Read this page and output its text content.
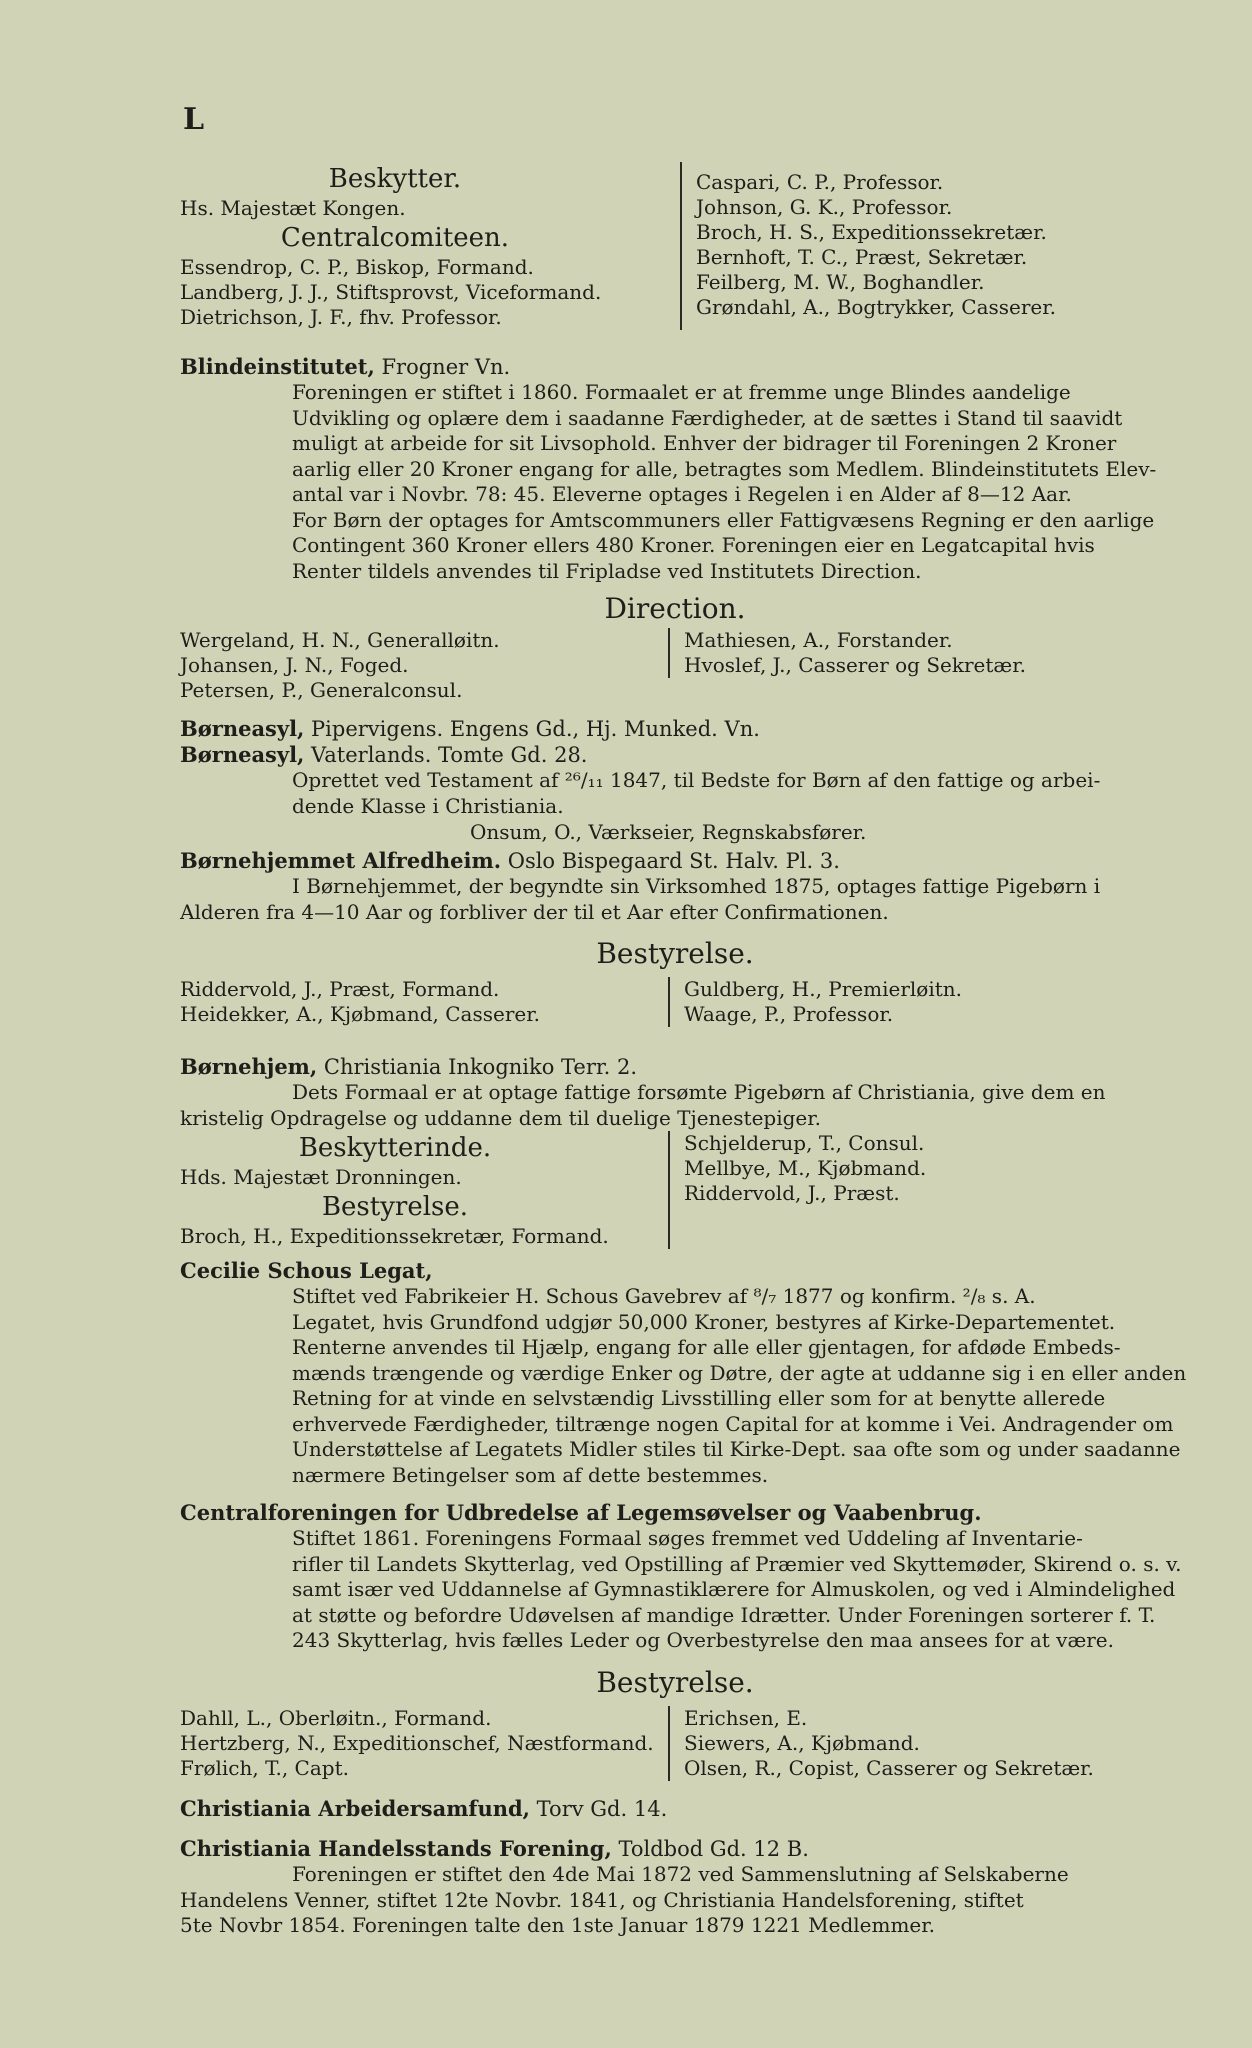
L
Beskytter.
Hs. Majestæt Kongen.
Centralcomiteen.
Essendrop, C. P., Biskop, Formand.
Landberg, J. J., Stiftsprovst, Viceformand.
Dietrichson, J. F., fhv. Professor.
Caspari, C. P., Professor.
Johnson, G. K., Professor.
Broch, H. S., Expeditionssekretær.
Bernhoft, T. C., Præst, Sekretær.
Feilberg, M. W., Boghandler.
Grøndahl, A., Bogtrykker, Casserer.
Blindeinstitutet, Frogner Vn.
Foreningen er stiftet i 1860. Formaalet er at fremme unge Blindes aandelige
Udvikling og oplære dem i saadanne Færdigheder, at de sættes i Stand til saavidt
muligt at arbeide for sit Livsophold. Enhver der bidrager til Foreningen 2 Kroner
aarlig eller 20 Kroner engang for alle, betragtes som Medlem. Blindeinstitutets Elev-
antal var i Novbr. 78: 45. Eleverne optages i Regelen i en Alder af 8—12 Aar.
For Børn der optages for Amtscommuners eller Fattigvæsens Regning er den aarlige
Contingent 360 Kroner ellers 480 Kroner. Foreningen eier en Legatcapital hvis
Renter tildels anvendes til Fripladse ved Institutets Direction.
Direction.
Wergeland, H. N., Generalløitn.
Johansen, J. N., Foged.
Petersen, P., Generalconsul.
Mathiesen, A., Forstander.
Hvoslef, J., Casserer og Sekretær.
Børneasyl, Pipervigens. Engens Gd., Hj. Munked. Vn.
Børneasyl, Vaterlands. Tomte Gd. 28.
Oprettet ved Testament af ²⁶/₁₁ 1847, til Bedste for Børn af den fattige og arbei-
dende Klasse i Christiania.
Onsum, O., Værkseier, Regnskabsfører.
Børnehjemmet Alfredheim. Oslo Bispegaard St. Halv. Pl. 3.
I Børnehjemmet, der begyndte sin Virksomhed 1875, optages fattige Pigebørn i
Alderen fra 4—10 Aar og forbliver der til et Aar efter Confirmationen.
Bestyrelse.
Riddervold, J., Præst, Formand.
Heidekker, A., Kjøbmand, Casserer.
Guldberg, H., Premierløitn.
Waage, P., Professor.
Børnehjem, Christiania Inkogniko Terr. 2.
Dets Formaal er at optage fattige forsømte Pigebørn af Christiania, give dem en
kristelig Opdragelse og uddanne dem til duelige Tjenestepiger.
Beskytterinde.
Hds. Majestæt Dronningen.
Bestyrelse.
Broch, H., Expeditionssekretær, Formand.
Schjelderup, T., Consul.
Mellbye, M., Kjøbmand.
Riddervold, J., Præst.
Cecilie Schous Legat,
Stiftet ved Fabrikeier H. Schous Gavebrev af ⁸/₇ 1877 og konfirm. ²/₈ s. A.
Legatet, hvis Grundfond udgjør 50,000 Kroner, bestyres af Kirke-Departementet.
Renterne anvendes til Hjælp, engang for alle eller gjentagen, for afdøde Embeds-
mænds trængende og værdige Enker og Døtre, der agte at uddanne sig i en eller anden
Retning for at vinde en selvstændig Livsstilling eller som for at benytte allerede
erhvervede Færdigheder, tiltrænge nogen Capital for at komme i Vei. Andragender om
Understøttelse af Legatets Midler stiles til Kirke-Dept. saa ofte som og under saadanne
nærmere Betingelser som af dette bestemmes.
Centralforeningen for Udbredelse af Legemsøvelser og Vaabenbrug.
Stiftet 1861. Foreningens Formaal søges fremmet ved Uddeling af Inventarie-
rifler til Landets Skytterlag, ved Opstilling af Præmier ved Skyttemøder, Skirend o. s. v.
samt især ved Uddannelse af Gymnastiklærere for Almuskolen, og ved i Almindelighed
at støtte og befordre Udøvelsen af mandige Idrætter. Under Foreningen sorterer f. T.
243 Skytterlag, hvis fælles Leder og Overbestyrelse den maa ansees for at være.
Bestyrelse.
Dahll, L., Oberløitn., Formand.
Hertzberg, N., Expeditionschef, Næstformand.
Frølich, T., Capt.
Erichsen, E.
Siewers, A., Kjøbmand.
Olsen, R., Copist, Casserer og Sekretær.
Christiania Arbeidersamfund, Torv Gd. 14.
Christiania Handelsstands Forening, Toldbod Gd. 12 B.
Foreningen er stiftet den 4de Mai 1872 ved Sammenslutning af Selskaberne
Handelens Venner, stiftet 12te Novbr. 1841, og Christiania Handelsforening, stiftet
5te Novbr 1854. Foreningen talte den 1ste Januar 1879 1221 Medlemmer.
